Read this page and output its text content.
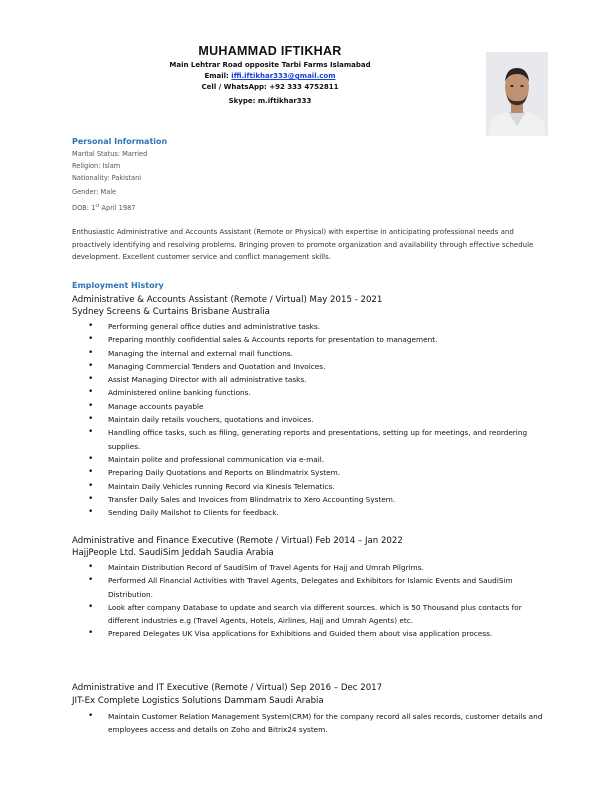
MUHAMMAD IFTIKHAR
Main Lehtrar Road opposite Tarbi Farms Islamabad
Email: iffi.iftikhar333@gmail.com
Cell / WhatsApp: +92 333 4752811
Skype: m.iftikhar333
Personal Information
Marital Status: Married
Religion: Islam
Nationality: Pakistani
Gender: Male
DOB: 1st April 1987
Enthusiastic Administrative and Accounts Assistant (Remote or Physical) with expertise in anticipating professional needs and proactively identifying and resolving problems. Bringing proven to promote organization and availability through effective schedule development. Excellent customer service and conflict management skills.
Employment History
Administrative & Accounts Assistant (Remote / Virtual) May 2015 - 2021
Sydney Screens & Curtains Brisbane Australia
• Performing general office duties and administrative tasks.
• Preparing monthly confidential sales & Accounts reports for presentation to management.
• Managing the internal and external mail functions.
• Managing Commercial Tenders and Quotation and Invoices.
• Assist Managing Director with all administrative tasks.
• Administered online banking functions.
• Manage accounts payable
• Maintain daily retails vouchers, quotations and invoices.
• Handling office tasks, such as filing, generating reports and presentations, setting up for meetings, and reordering supplies.
• Maintain polite and professional communication via e-mail.
• Preparing Daily Quotations and Reports on Blindmatrix System.
• Maintain Daily Vehicles running Record via Kinesis Telematics.
• Transfer Daily Sales and Invoices from Blindmatrix to Xero Accounting System.
• Sending Daily Mailshot to Clients for feedback.
Administrative and Finance Executive (Remote / Virtual) Feb 2014 – Jan 2022
HajjPeople Ltd. SaudiSim Jeddah Saudia Arabia
• Maintain Distribution Record of SaudiSim of Travel Agents for Hajj and Umrah Pilgrims.
• Performed All Financial Activities with Travel Agents, Delegates and Exhibitors for Islamic Events and SaudiSim Distribution.
• Look after company Database to update and search via different sources. which is 50 Thousand plus contacts for different industries e.g (Travel Agents, Hotels, Airlines, Hajj and Umrah Agents) etc.
• Prepared Delegates UK Visa applications for Exhibitions and Guided them about visa application process.
Administrative and IT Executive (Remote / Virtual) Sep 2016 – Dec 2017
JIT-Ex Complete Logistics Solutions Dammam Saudi Arabia
• Maintain Customer Relation Management System(CRM) for the company record all sales records, customer details and employees access and details on Zoho and Bitrix24 system.
